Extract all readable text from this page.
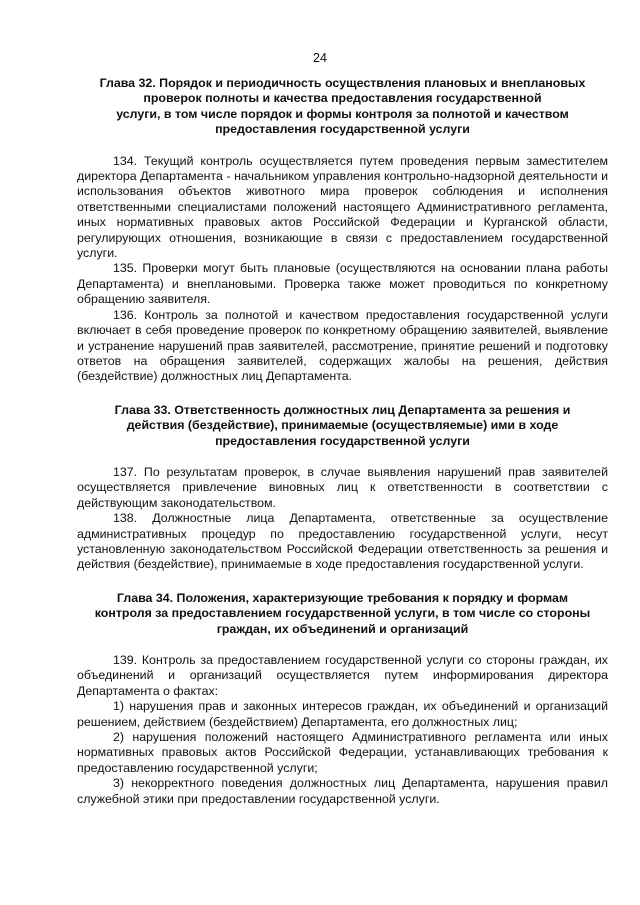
24
Глава 32. Порядок и периодичность осуществления плановых и внеплановых
проверок полноты и качества предоставления государственной
услуги, в том числе порядок и формы контроля за полнотой и качеством
предоставления государственной услуги

134. Текущий контроль осуществляется путем проведения первым заместителем директора Департамента - начальником управления контрольно-надзорной деятельности и использования объектов животного мира проверок соблюдения и исполнения ответственными специалистами положений настоящего Административного регламента, иных нормативных правовых актов Российской Федерации и Курганской области, регулирующих отношения, возникающие в связи с предоставлением государственной услуги.

135. Проверки могут быть плановые (осуществляются на основании плана работы Департамента) и внеплановыми. Проверка также может проводиться по конкретному обращению заявителя.

136. Контроль за полнотой и качеством предоставления государственной услуги включает в себя проведение проверок по конкретному обращению заявителей, выявление и устранение нарушений прав заявителей, рассмотрение, принятие решений и подготовку ответов на обращения заявителей, содержащих жалобы на решения, действия (бездействие) должностных лиц Департамента.

Глава 33. Ответственность должностных лиц Департамента за решения и
действия (бездействие), принимаемые (осуществляемые) ими в ходе
предоставления государственной услуги

137. По результатам проверок, в случае выявления нарушений прав заявителей осуществляется привлечение виновных лиц к ответственности в соответствии с действующим законодательством.

138. Должностные лица Департамента, ответственные за осуществление административных процедур по предоставлению государственной услуги, несут установленную законодательством Российской Федерации ответственность за решения и действия (бездействие), принимаемые в ходе предоставления государственной услуги.

Глава 34. Положения, характеризующие требования к порядку и формам
контроля за предоставлением государственной услуги, в том числе со стороны
граждан, их объединений и организаций

139. Контроль за предоставлением государственной услуги со стороны граждан, их объединений и организаций осуществляется путем информирования директора Департамента о фактах:

1) нарушения прав и законных интересов граждан, их объединений и организаций решением, действием (бездействием) Департамента, его должностных лиц;

2) нарушения положений настоящего Административного регламента или иных нормативных правовых актов Российской Федерации, устанавливающих требования к предоставлению государственной услуги;

3) некорректного поведения должностных лиц Департамента, нарушения правил служебной этики при предоставлении государственной услуги.
